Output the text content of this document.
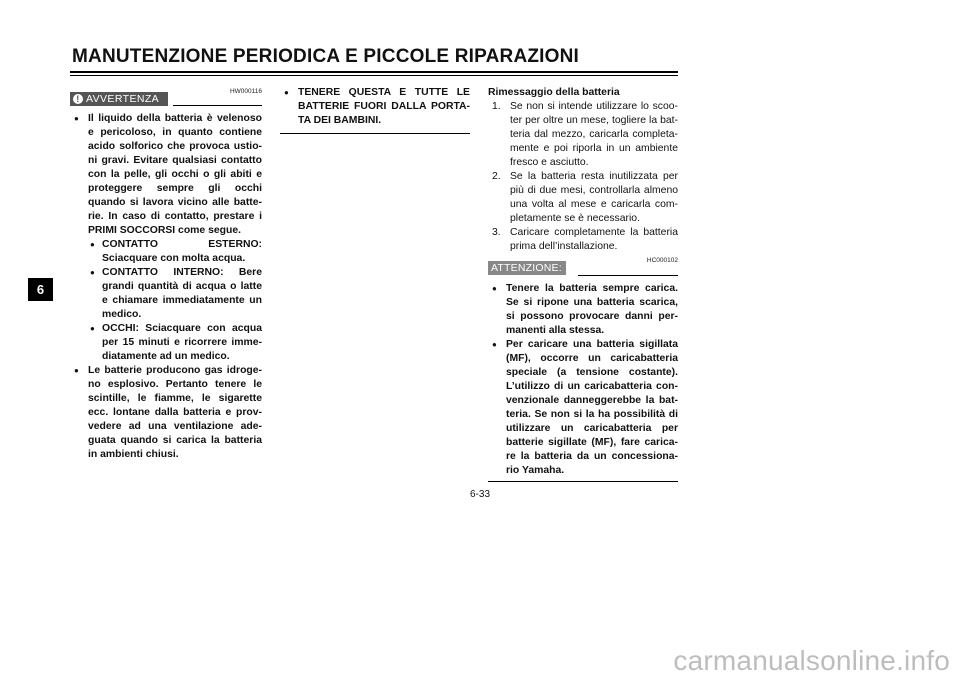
MANUTENZIONE PERIODICA E PICCOLE RIPARAZIONI
6
HW000116
! AVVERTENZA
● Il liquido della batteria è velenoso e pericoloso, in quanto contiene acido solforico che provoca ustio-ni gravi. Evitare qualsiasi contatto con la pelle, gli occhi o gli abiti e proteggere sempre gli occhi quando si lavora vicino alle batte-rie. In caso di contatto, prestare i PRIMI SOCCORSI come segue.
● CONTATTO ESTERNO: Sciacquare con molta acqua.
● CONTATTO INTERNO: Bere grandi quantità di acqua o latte e chiamare immediatamente un medico.
● OCCHI: Sciacquare con acqua per 15 minuti e ricorrere imme-diatamente ad un medico.
● Le batterie producono gas idroge-no esplosivo. Pertanto tenere le scintille, le fiamme, le sigarette ecc. lontane dalla batteria e prov-vedere ad una ventilazione ade-guata quando si carica la batteria in ambienti chiusi.
● TENERE QUESTA E TUTTE LE BATTERIE FUORI DALLA PORTA-TA DEI BAMBINI.
Rimessaggio della batteria
1. Se non si intende utilizzare lo scoo-ter per oltre un mese, togliere la bat-teria dal mezzo, caricarla completa-mente e poi riporla in un ambiente fresco e asciutto.
2. Se la batteria resta inutilizzata per più di due mesi, controllarla almeno una volta al mese e caricarla com-pletamente se è necessario.
3. Caricare completamente la batteria prima dell’installazione.
HC000102
ATTENZIONE:
● Tenere la batteria sempre carica. Se si ripone una batteria scarica, si possono provocare danni per-manenti alla stessa.
● Per caricare una batteria sigillata (MF), occorre un caricabatteria speciale (a tensione costante). L’utilizzo di un caricabatteria con-venzionale danneggerebbe la bat-teria. Se non si la ha possibilità di utilizzare un caricabatteria per batterie sigillate (MF), fare carica-re la batteria da un concessiona-rio Yamaha.
6-33
carmanualsonline.info
